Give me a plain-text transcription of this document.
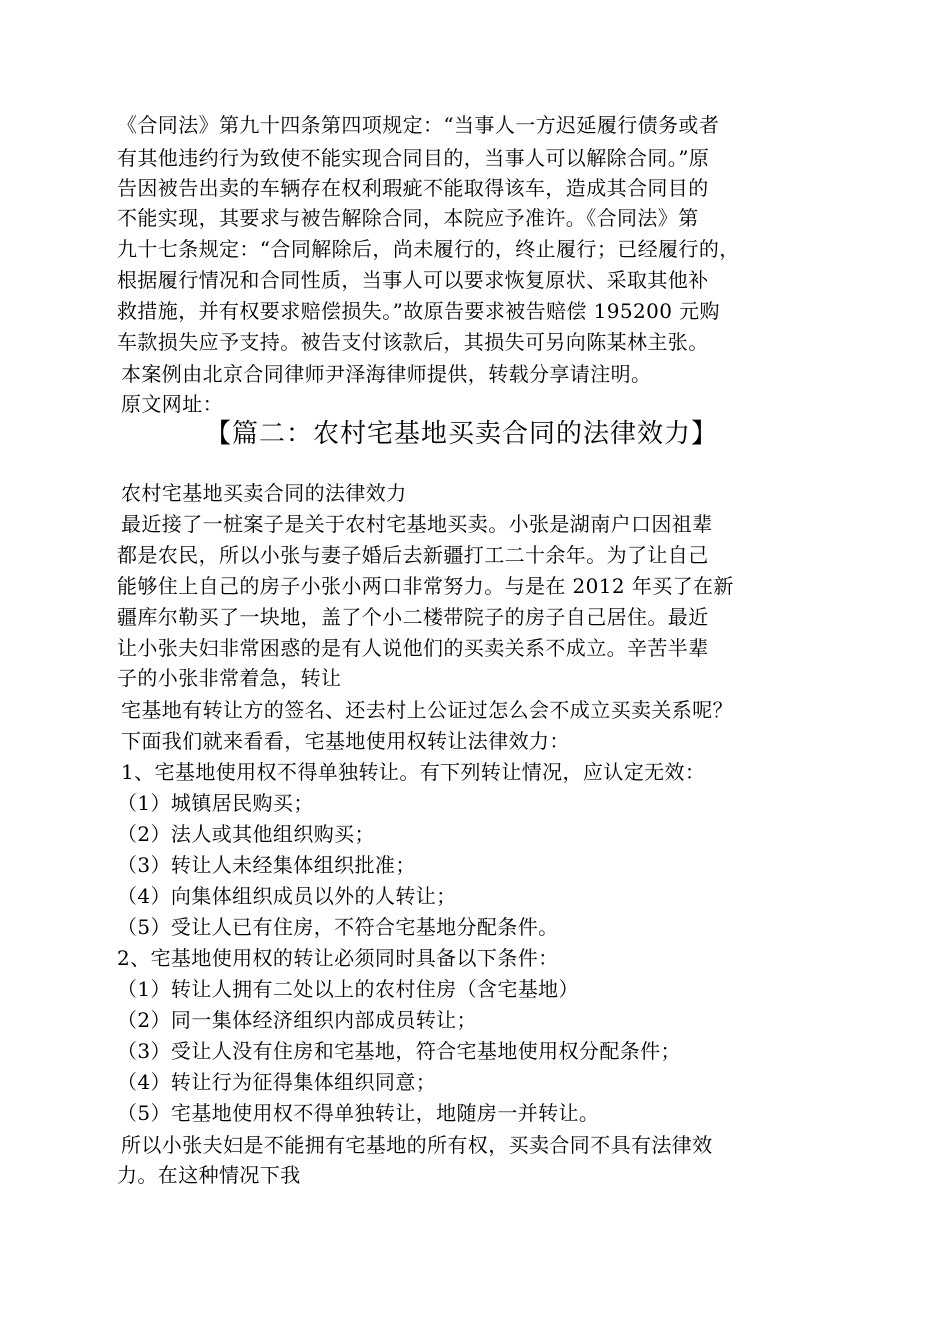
《合同法》第九十四条第四项规定：“当事人一方迟延履行债务或者
有其他违约行为致使不能实现合同目的，当事人可以解除合同。”原
告因被告出卖的车辆存在权利瑕疵不能取得该车，造成其合同目的
不能实现，其要求与被告解除合同，本院应予准许。《合同法》第
九十七条规定：“合同解除后，尚未履行的，终止履行；已经履行的，
根据履行情况和合同性质，当事人可以要求恢复原状、采取其他补
救措施，并有权要求赔偿损失。”故原告要求被告赔偿 195200 元购
车款损失应予支持。被告支付该款后，其损失可另向陈某林主张。
本案例由北京合同律师尹泽海律师提供，转载分享请注明。
原文网址：
【篇二：农村宅基地买卖合同的法律效力】
农村宅基地买卖合同的法律效力
最近接了一桩案子是关于农村宅基地买卖。小张是湖南户口因祖辈
都是农民，所以小张与妻子婚后去新疆打工二十余年。为了让自己
能够住上自己的房子小张小两口非常努力。与是在 2012 年买了在新
疆库尔勒买了一块地，盖了个小二楼带院子的房子自己居住。最近
让小张夫妇非常困惑的是有人说他们的买卖关系不成立。辛苦半辈
子的小张非常着急，转让
宅基地有转让方的签名、还去村上公证过怎么会不成立买卖关系呢？
下面我们就来看看，宅基地使用权转让法律效力：
1、宅基地使用权不得单独转让。有下列转让情况，应认定无效：
（1）城镇居民购买；
（2）法人或其他组织购买；
（3）转让人未经集体组织批准；
（4）向集体组织成员以外的人转让；
（5）受让人已有住房，不符合宅基地分配条件。
2、宅基地使用权的转让必须同时具备以下条件：
（1）转让人拥有二处以上的农村住房（含宅基地）
（2）同一集体经济组织内部成员转让；
（3）受让人没有住房和宅基地，符合宅基地使用权分配条件；
（4）转让行为征得集体组织同意；
（5）宅基地使用权不得单独转让，地随房一并转让。
所以小张夫妇是不能拥有宅基地的所有权，买卖合同不具有法律效
力。在这种情况下我
